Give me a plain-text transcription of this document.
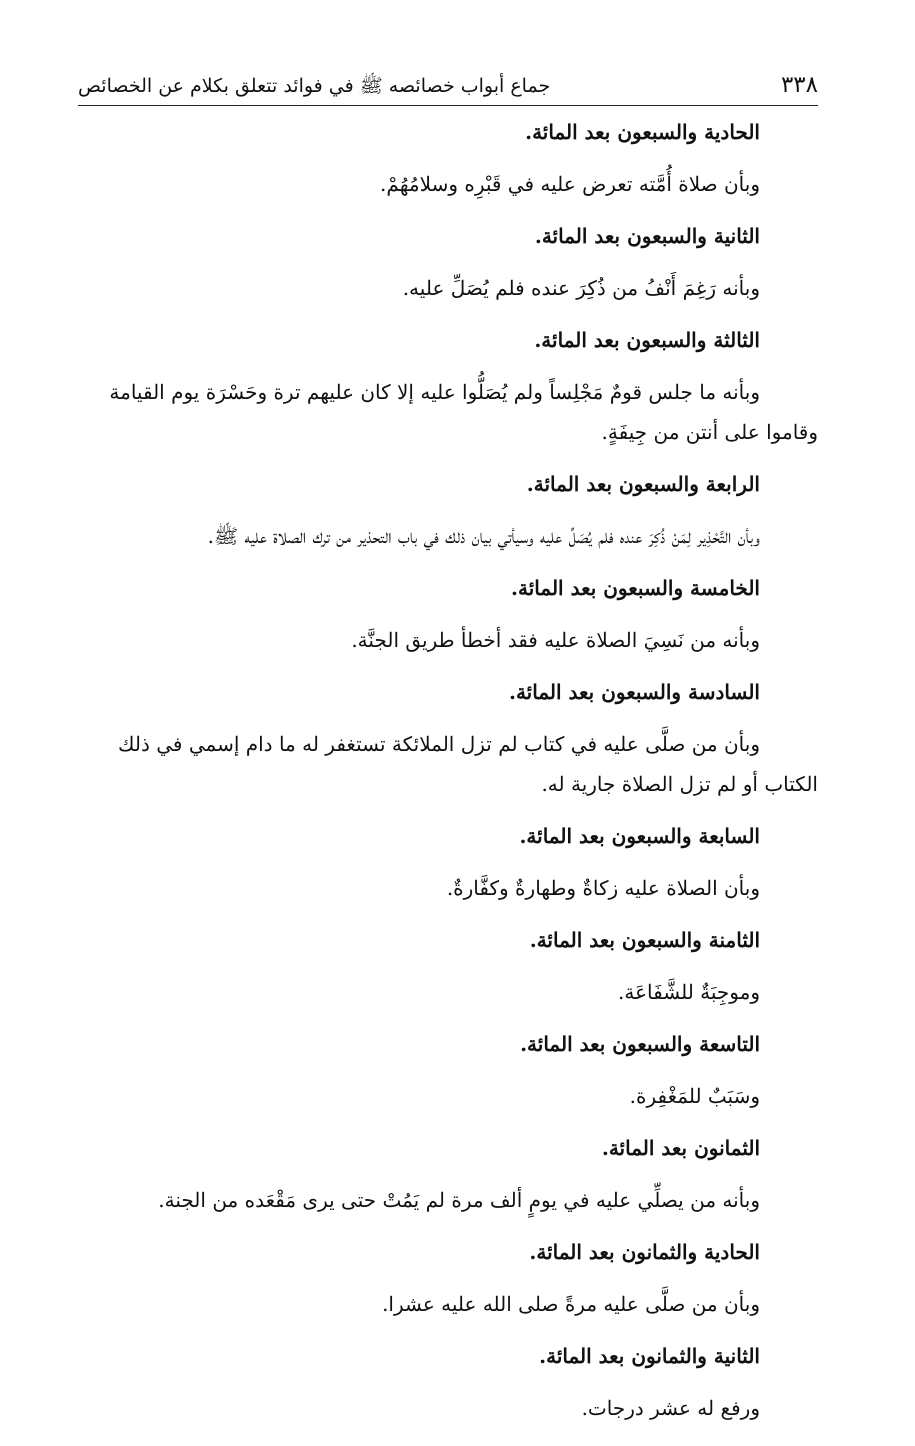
٣٣٨
جماع أبواب خصائصه ﷺ في فوائد تتعلق بكلام عن الخصائص
الحادية والسبعون بعد المائة.
وبأن صلاة أُمَّته تعرض عليه في قَبْرِه وسلامُهُمْ.
الثانية والسبعون بعد المائة.
وبأنه رَغِمَ أَنْفُ من ذُكِرَ عنده فلم يُصَلِّ عليه.
الثالثة والسبعون بعد المائة.
وبأنه ما جلس قومٌ مَجْلِساً ولم يُصَلُّوا عليه إلا كان عليهم ترة وحَسْرَة يوم القيامة وقاموا على أنتن من جِيفَةٍ.
الرابعة والسبعون بعد المائة.
وبأن التَّحْذِير لِمَنْ ذُكِرَ عنده فلم يُصَلِّ عليه وسيأتي بيان ذلك في باب التحذير من ترك الصلاة عليه ﷺ.
الخامسة والسبعون بعد المائة.
وبأنه من نَسِيَ الصلاة عليه فقد أخطأ طريق الجنَّة.
السادسة والسبعون بعد المائة.
وبأن من صلَّى عليه في كتاب لم تزل الملائكة تستغفر له ما دام إسمي في ذلك الكتاب أو لم تزل الصلاة جارية له.
السابعة والسبعون بعد المائة.
وبأن الصلاة عليه زكاةٌ وطهارةٌ وكفَّارةٌ.
الثامنة والسبعون بعد المائة.
وموجِبَةٌ للشَّفَاعَة.
التاسعة والسبعون بعد المائة.
وسَبَبٌ للمَغْفِرة.
الثمانون بعد المائة.
وبأنه من يصلِّي عليه في يومٍ ألف مرة لم يَمُتْ حتى يرى مَقْعَده من الجنة.
الحادية والثمانون بعد المائة.
وبأن من صلَّى عليه مرةً صلى الله عليه عشرا.
الثانية والثمانون بعد المائة.
ورفع له عشر درجات.
